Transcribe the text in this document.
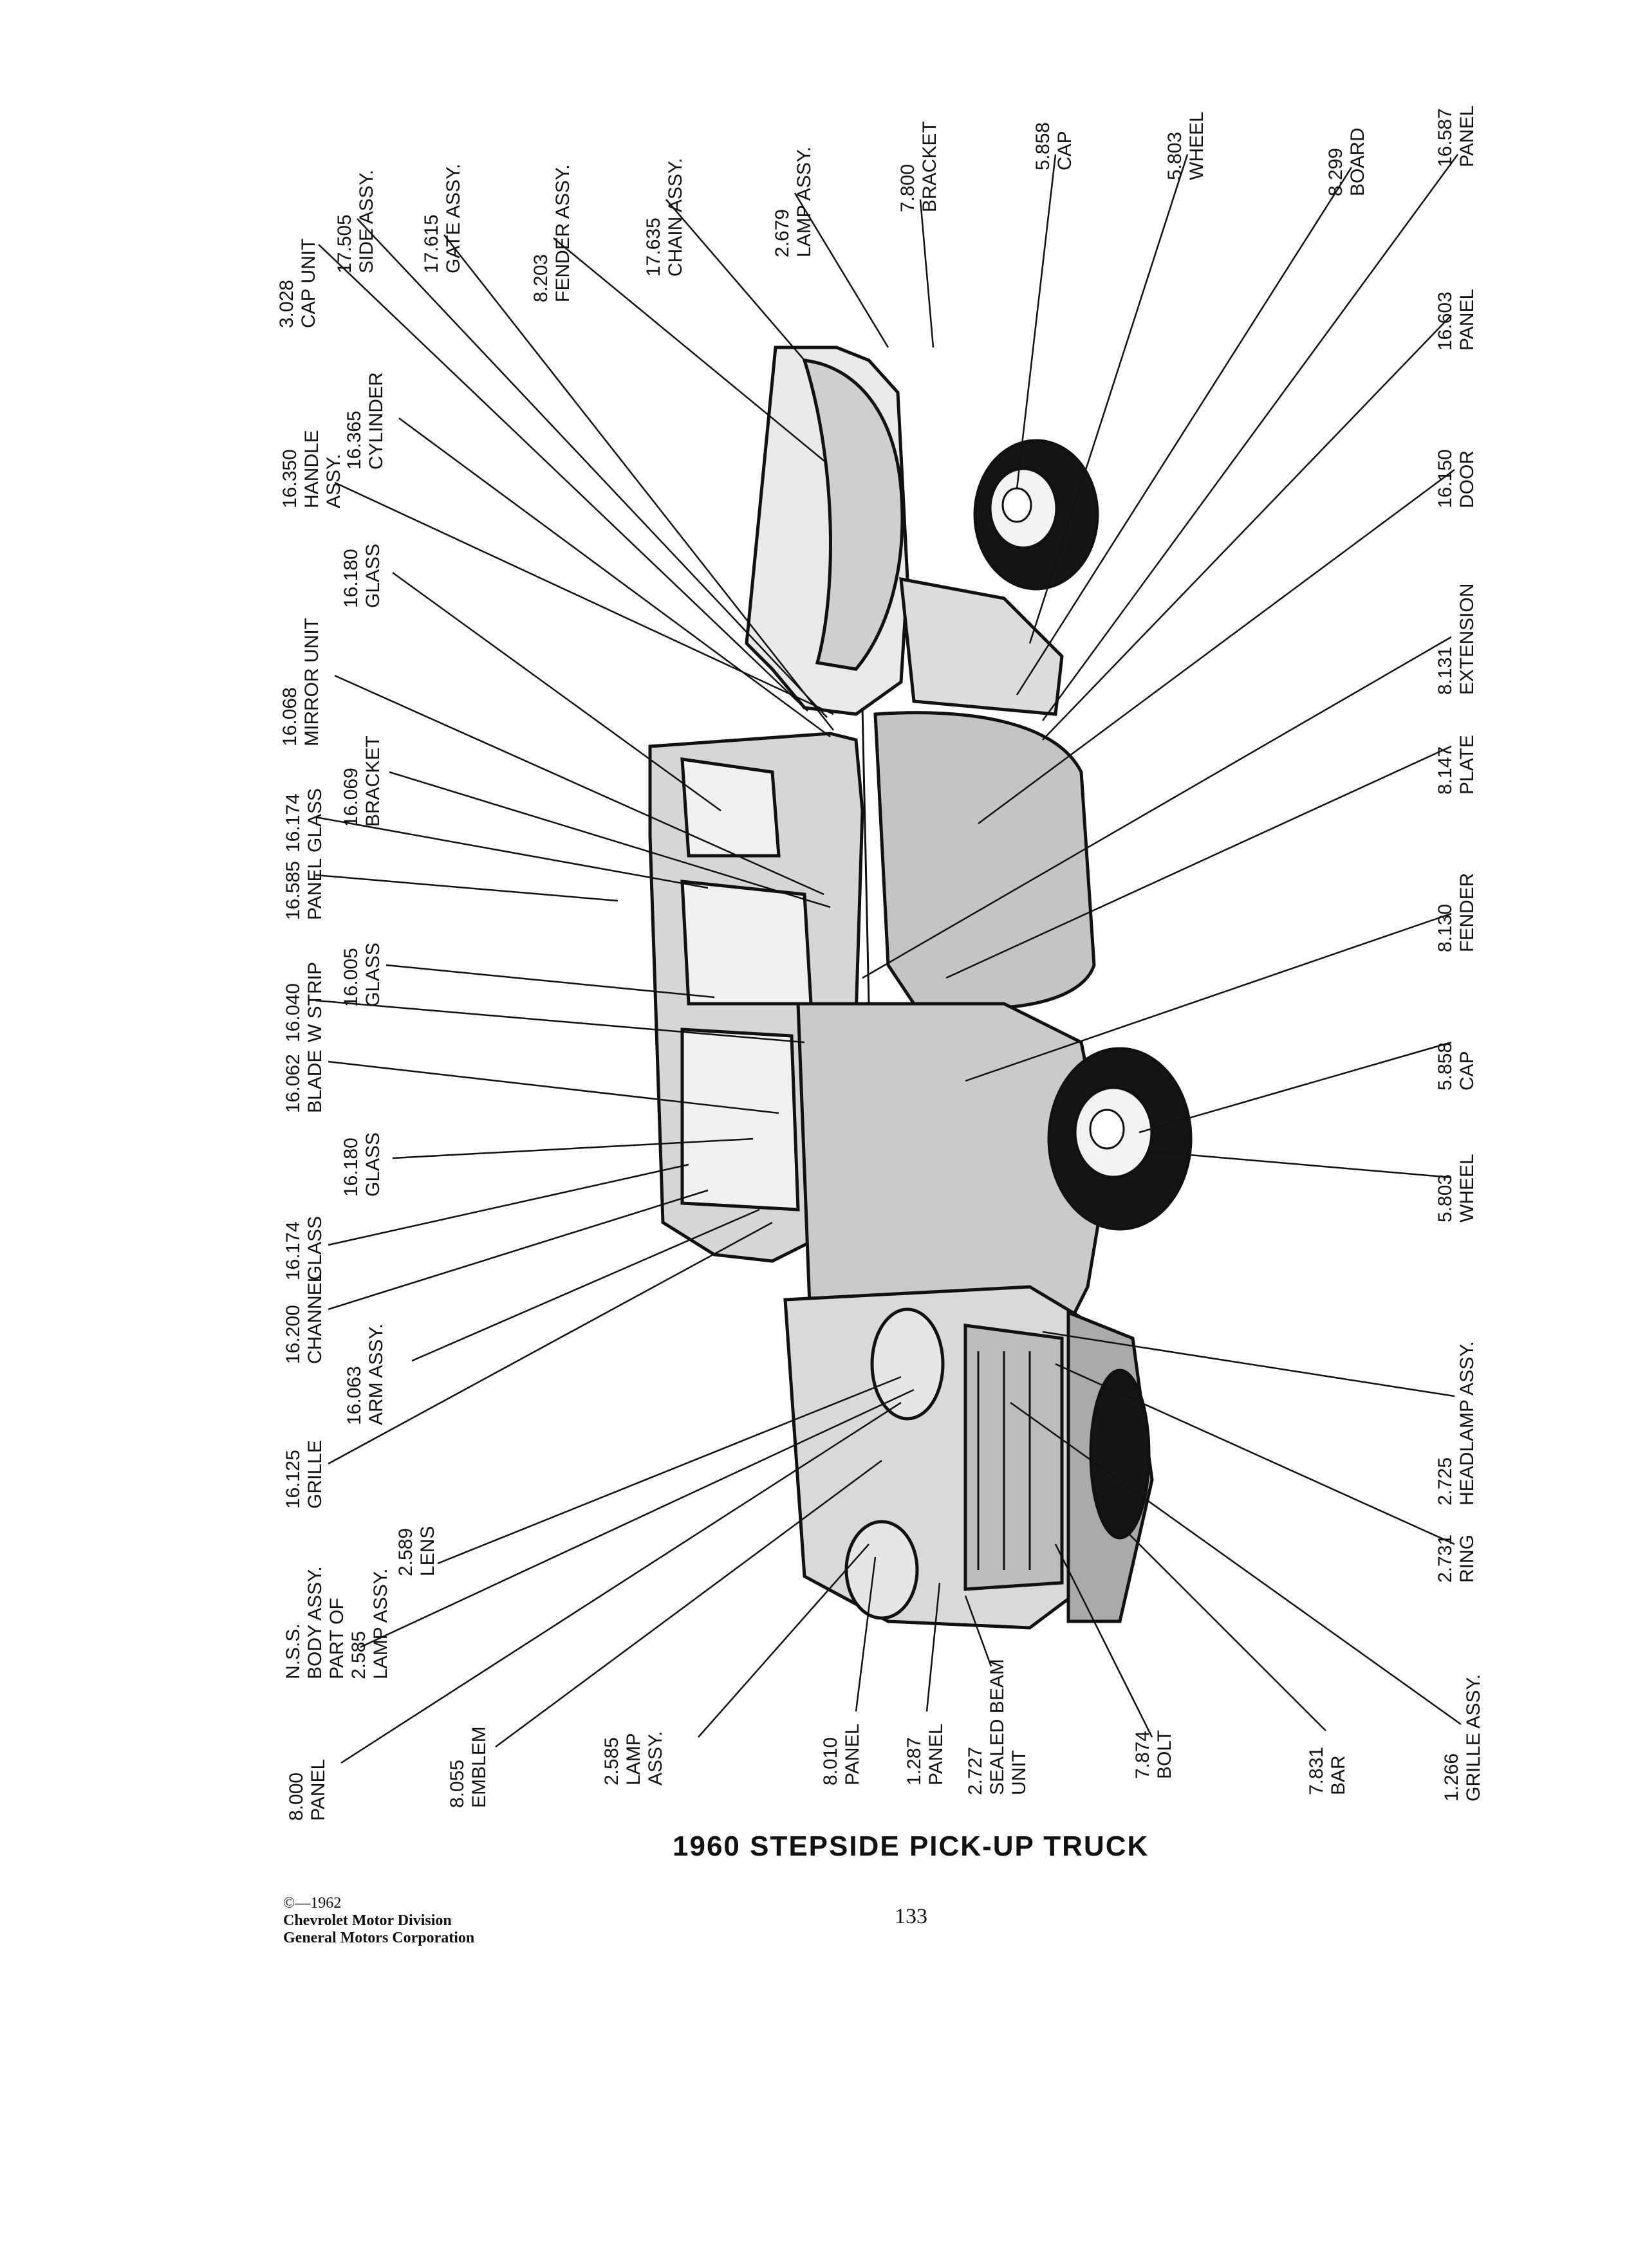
3.028CAP UNIT 17.505SIDE ASSY. 17.615GATE ASSY.
8.203FENDER ASSY.	17.635CHAIN ASSY.	2.679LAMP ASSY.	7.800BRACKET	5.858CAP	5.803WHEEL	8.299BOARD	16.587PANEL
16.603PANEL
16.150DOOR
8.131EXTENSION
8.147PLATE
8.130FENDER
5.858CAP
5.803WHEEL
2.725HEADLAMP ASSY.
2.731RING
1.266GRILLE ASSY.
7.831BAR
7.874BOLT
2.727SEALED BEAMUNIT
1.287PANEL
8.010PANEL
2.585LAMPASSY.
8.055EMBLEM
8.000PANEL
16.365CYLINDER
16.350HANDLEASSY.
16.180GLASS
16.068MIRROR UNIT
16.069BRACKET
16.174GLASS
16.585PANEL
16.005GLASS
16.040W STRIP
16.062BLADE
16.180GLASS
16.174GLASS
16.200CHANNEL
16.063ARM ASSY.
16.125GRILLE
2.589LENS
N.S.S.BODY ASSY.PART OF2.585LAMP ASSY.
1960 STEPSIDE PICK-UP TRUCK
©—1962
Chevrolet Motor Division
General Motors Corporation
133
